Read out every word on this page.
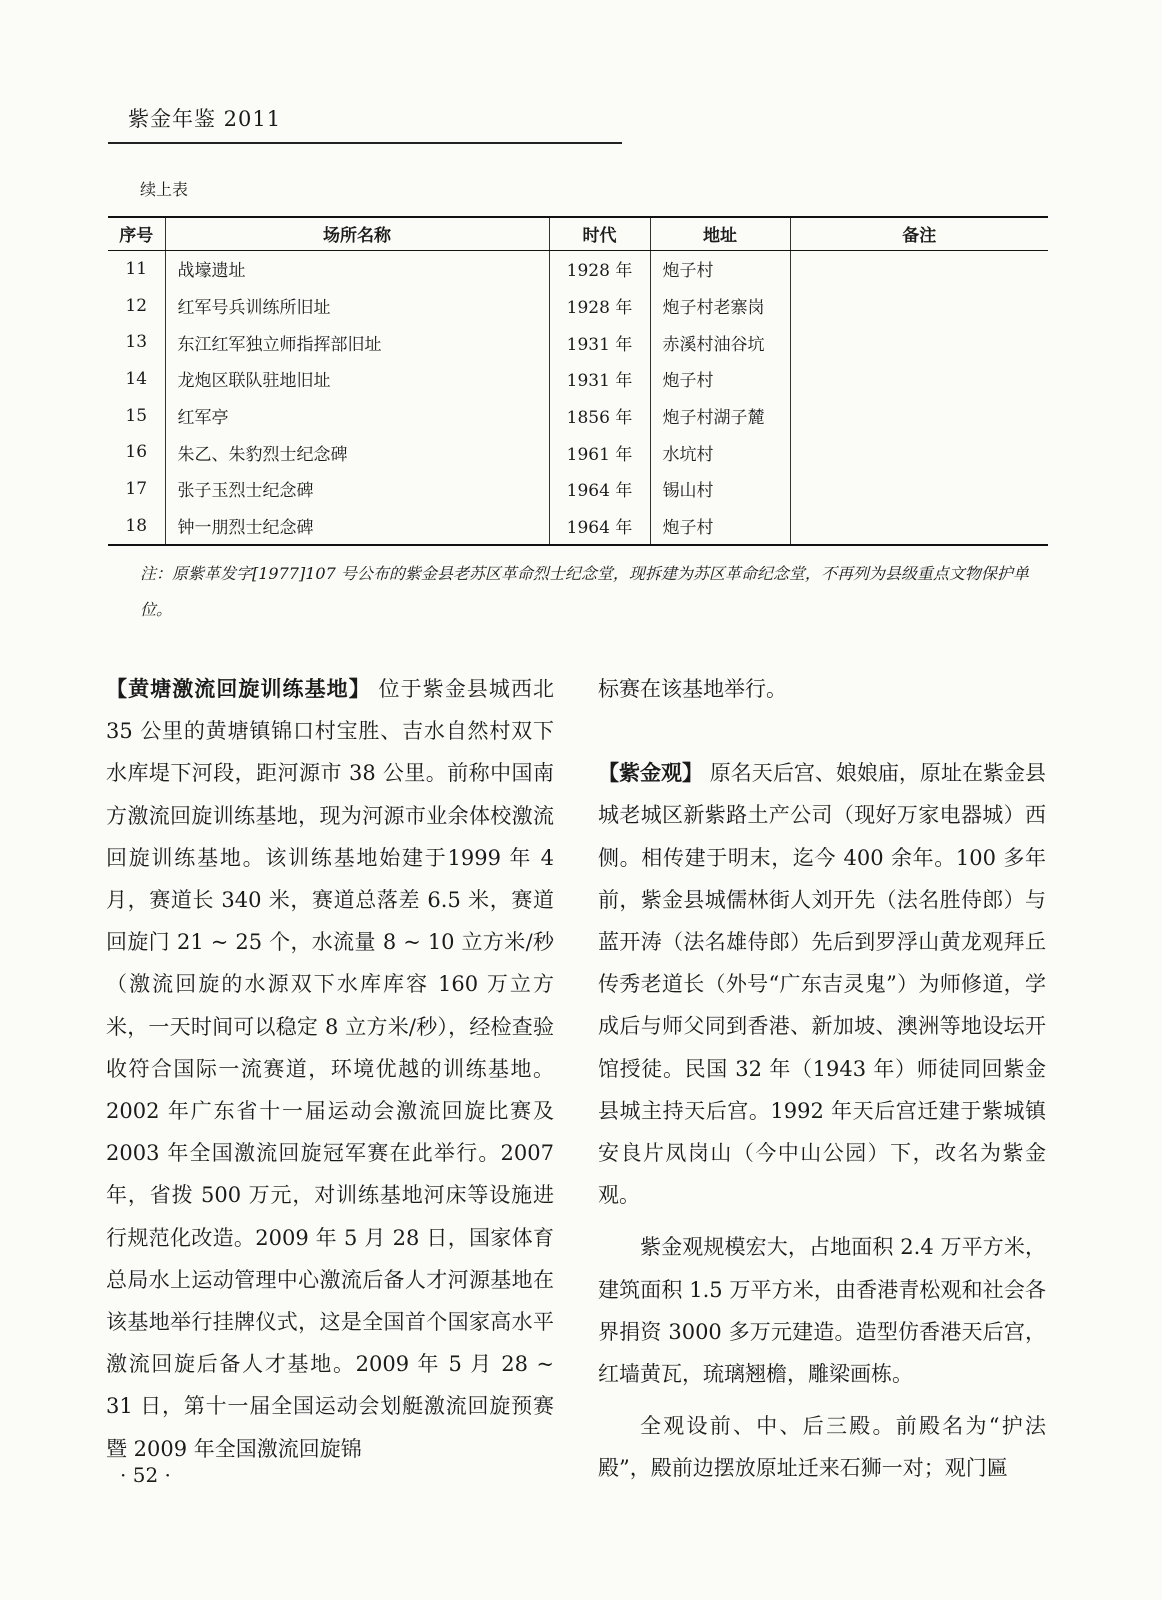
紫金年鉴 2011
续上表
序号	场所名称	时代	地址	备注
11	战壕遗址	1928 年	炮子村	
12	红军号兵训练所旧址	1928 年	炮子村老寨岗	
13	东江红军独立师指挥部旧址	1931 年	赤溪村油谷坑	
14	龙炮区联队驻地旧址	1931 年	炮子村	
15	红军亭	1856 年	炮子村湖子麓	
16	朱乙、朱豹烈士纪念碑	1961 年	水坑村	
17	张子玉烈士纪念碑	1964 年	锡山村	
18	钟一朋烈士纪念碑	1964 年	炮子村	
注：原紫革发字[1977]107 号公布的紫金县老苏区革命烈士纪念堂，现拆建为苏区革命纪念堂，不再列为县级重点文物保护单位。

【黄塘激流回旋训练基地】 位于紫金县城西北35 公里的黄塘镇锦口村宝胜、吉水自然村双下水库堤下河段，距河源市 38 公里。前称中国南方激流回旋训练基地，现为河源市业余体校激流回旋训练基地。该训练基地始建于1999 年 4 月，赛道长 340 米，赛道总落差 6.5 米，赛道回旋门 21 ~ 25 个，水流量 8 ~ 10 立方米/秒（激流回旋的水源双下水库库容 160 万立方米，一天时间可以稳定 8 立方米/秒），经检查验收符合国际一流赛道，环境优越的训练基地。2002 年广东省十一届运动会激流回旋比赛及 2003 年全国激流回旋冠军赛在此举行。2007 年，省拨 500 万元，对训练基地河床等设施进行规范化改造。2009 年 5 月 28 日，国家体育总局水上运动管理中心激流后备人才河源基地在该基地举行挂牌仪式，这是全国首个国家高水平激流回旋后备人才基地。2009 年 5 月 28 ~ 31 日，第十一届全国运动会划艇激流回旋预赛暨 2009 年全国激流回旋锦

标赛在该基地举行。

【紫金观】 原名天后宫、娘娘庙，原址在紫金县城老城区新紫路土产公司（现好万家电器城）西侧。相传建于明末，迄今 400 余年。100 多年前，紫金县城儒林街人刘开先（法名胜侍郎）与蓝开涛（法名雄侍郎）先后到罗浮山黄龙观拜丘传秀老道长（外号“广东吉灵鬼”）为师修道，学成后与师父同到香港、新加坡、澳洲等地设坛开馆授徒。民国 32 年（1943 年）师徒同回紫金县城主持天后宫。1992 年天后宫迁建于紫城镇安良片凤岗山（今中山公园）下，改名为紫金观。

紫金观规模宏大，占地面积 2.4 万平方米，建筑面积 1.5 万平方米，由香港青松观和社会各界捐资 3000 多万元建造。造型仿香港天后宫，红墙黄瓦，琉璃翘檐，雕梁画栋。

全观设前、中、后三殿。前殿名为“护法殿”，殿前边摆放原址迁来石狮一对；观门匾

· 52 ·
